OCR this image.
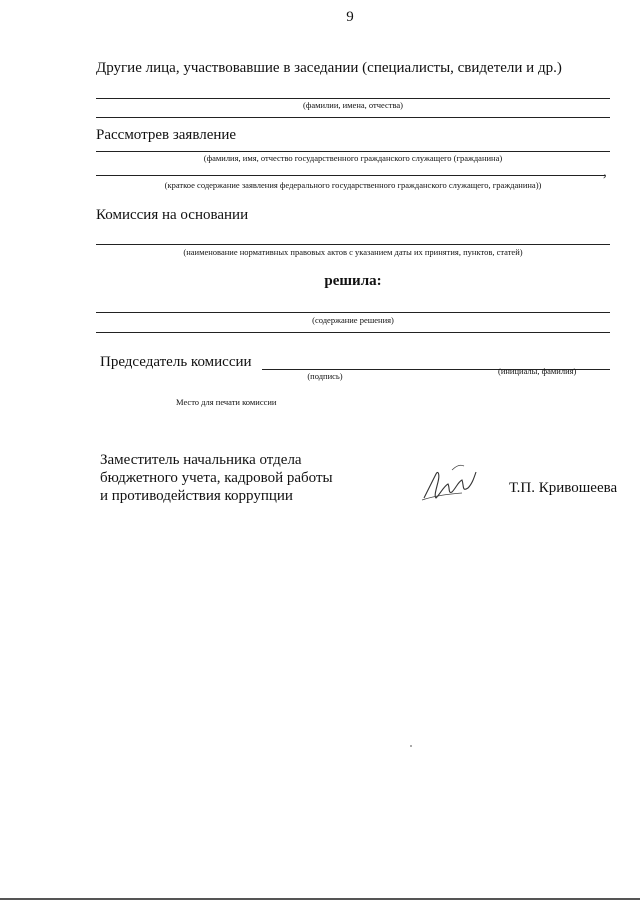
9
Другие лица, участвовавшие в заседании (специалисты, свидетели и др.)
(фамилии, имена, отчества)
Рассмотрев заявление
(фамилия, имя, отчество государственного гражданского служащего (гражданина)
,
(краткое содержание заявления федерального государственного гражданского служащего, гражданина))
Комиссия на основании
(наименование нормативных правовых актов с указанием даты их принятия, пунктов, статей)
решила:
(содержание решения)
Председатель комиссии
(подпись)	(инициалы, фамилия)
Место для печати комиссии
Заместитель начальника отдела
бюджетного учета, кадровой работы
и противодействия коррупции	Т.П. Кривошеева
